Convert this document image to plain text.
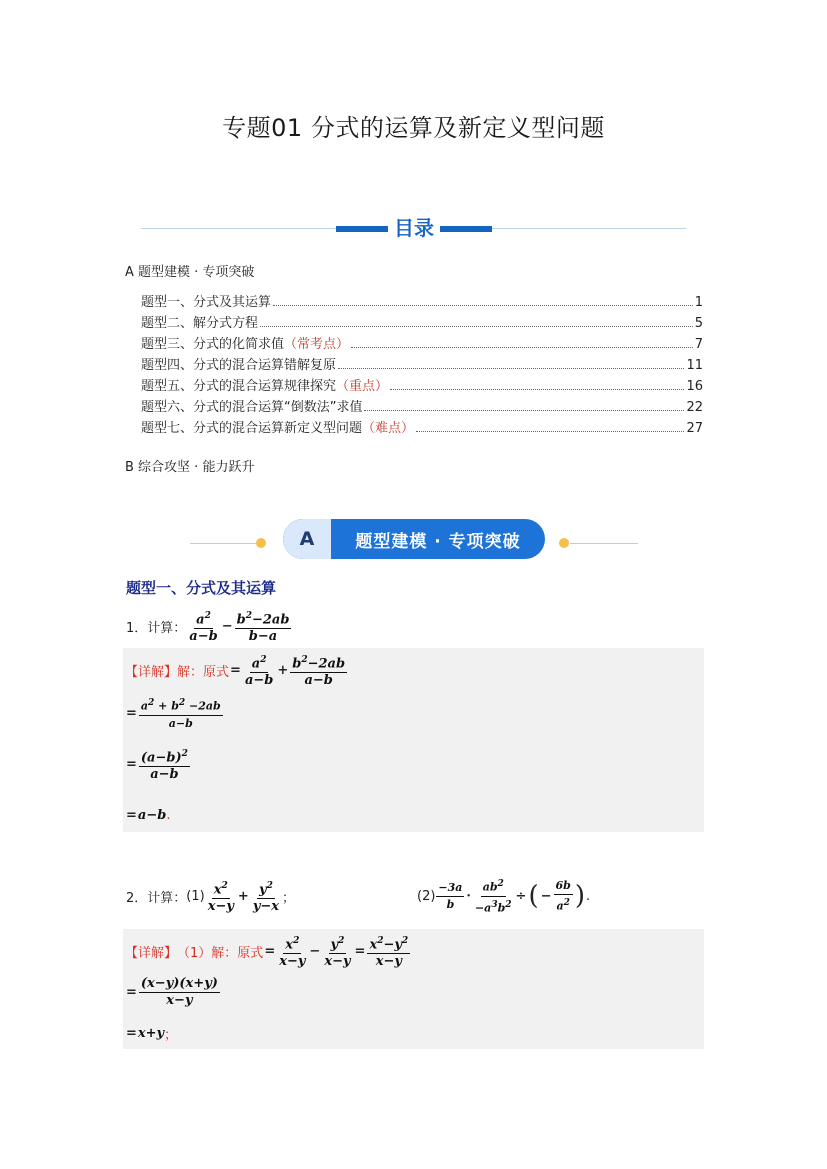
专题01 分式的运算及新定义型问题
目录
A 题型建模 · 专项突破
题型一、分式及其运算	1
题型二、解分式方程	5
题型三、分式的化简求值 （常考点）	7
题型四、分式的混合运算错解复原	11
题型五、分式的混合运算规律探究 （重点）	16
题型六、分式的混合运算“倒数法”求值	22
题型七、分式的混合运算新定义型问题 （难点）	27
B 综合攻坚 · 能力跃升
A	题型建模 · 专项突破
题型一、分式及其运算
1．计算： $\frac{a^2}{a-b} - \frac{b^2-2ab}{b-a}$
【详解】 解：原式 = $\frac{a^2}{a-b} + \frac{b^2-2ab}{a-b}$
= $\frac{a^2 + b^2 -2ab}{a-b}$
= $\frac{(a-b)^2}{a-b}$
= a−b .
2．计算： $(1) \frac{x^2}{x-y} + \frac{y^2}{y-x}$ ；	$(2) \frac{-3a}{b} \cdot \frac{ab^2}{-a^3b^2}$ ÷ ( − $\frac{6b}{a^2}$ ) .
【详解】 （1） 解：原式 = $\frac{x^2}{x-y} - \frac{y^2}{x-y} = \frac{x^2-y^2}{x-y}$
= $\frac{(x-y)(x+y)}{x-y}$
= x+y ；
